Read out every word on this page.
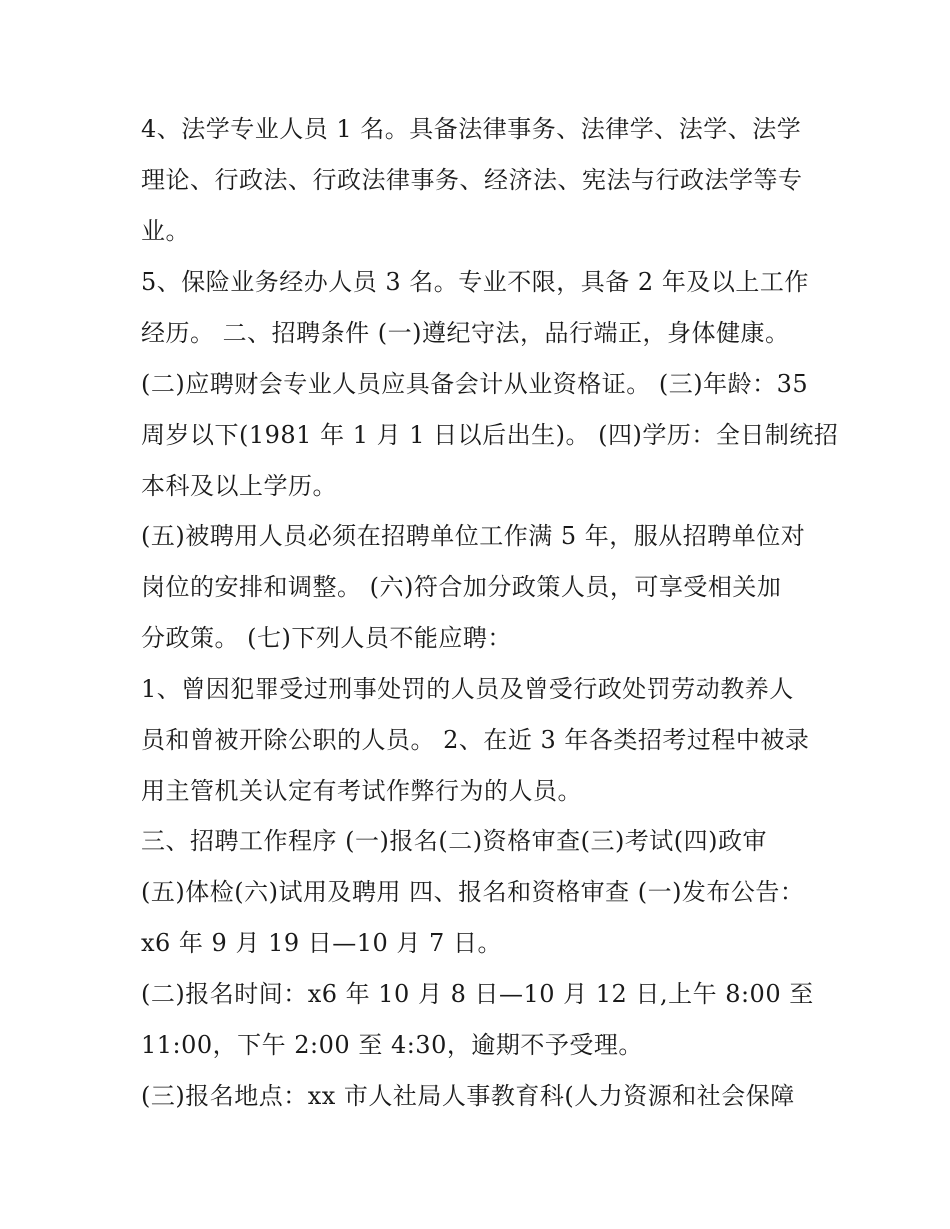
4、法学专业人员 1 名。具备法律事务、法律学、法学、法学
理论、行政法、行政法律事务、经济法、宪法与行政法学等专
业。
5、保险业务经办人员 3 名。专业不限，具备 2 年及以上工作
经历。 二、招聘条件 (一)遵纪守法，品行端正，身体健康。
(二)应聘财会专业人员应具备会计从业资格证。 (三)年龄：35
周岁以下(1981 年 1 月 1 日以后出生)。 (四)学历：全日制统招
本科及以上学历。
(五)被聘用人员必须在招聘单位工作满 5 年，服从招聘单位对
岗位的安排和调整。 (六)符合加分政策人员，可享受相关加
分政策。 (七)下列人员不能应聘：
1、曾因犯罪受过刑事处罚的人员及曾受行政处罚劳动教养人
员和曾被开除公职的人员。 2、在近 3 年各类招考过程中被录
用主管机关认定有考试作弊行为的人员。
三、招聘工作程序 (一)报名(二)资格审查(三)考试(四)政审
(五)体检(六)试用及聘用 四、报名和资格审查 (一)发布公告：
x6 年 9 月 19 日—10 月 7 日。
(二)报名时间：x6 年 10 月 8 日—10 月 12 日,上午 8:00 至
11:00，下午 2:00 至 4:30，逾期不予受理。
(三)报名地点：xx 市人社局人事教育科(人力资源和社会保障
